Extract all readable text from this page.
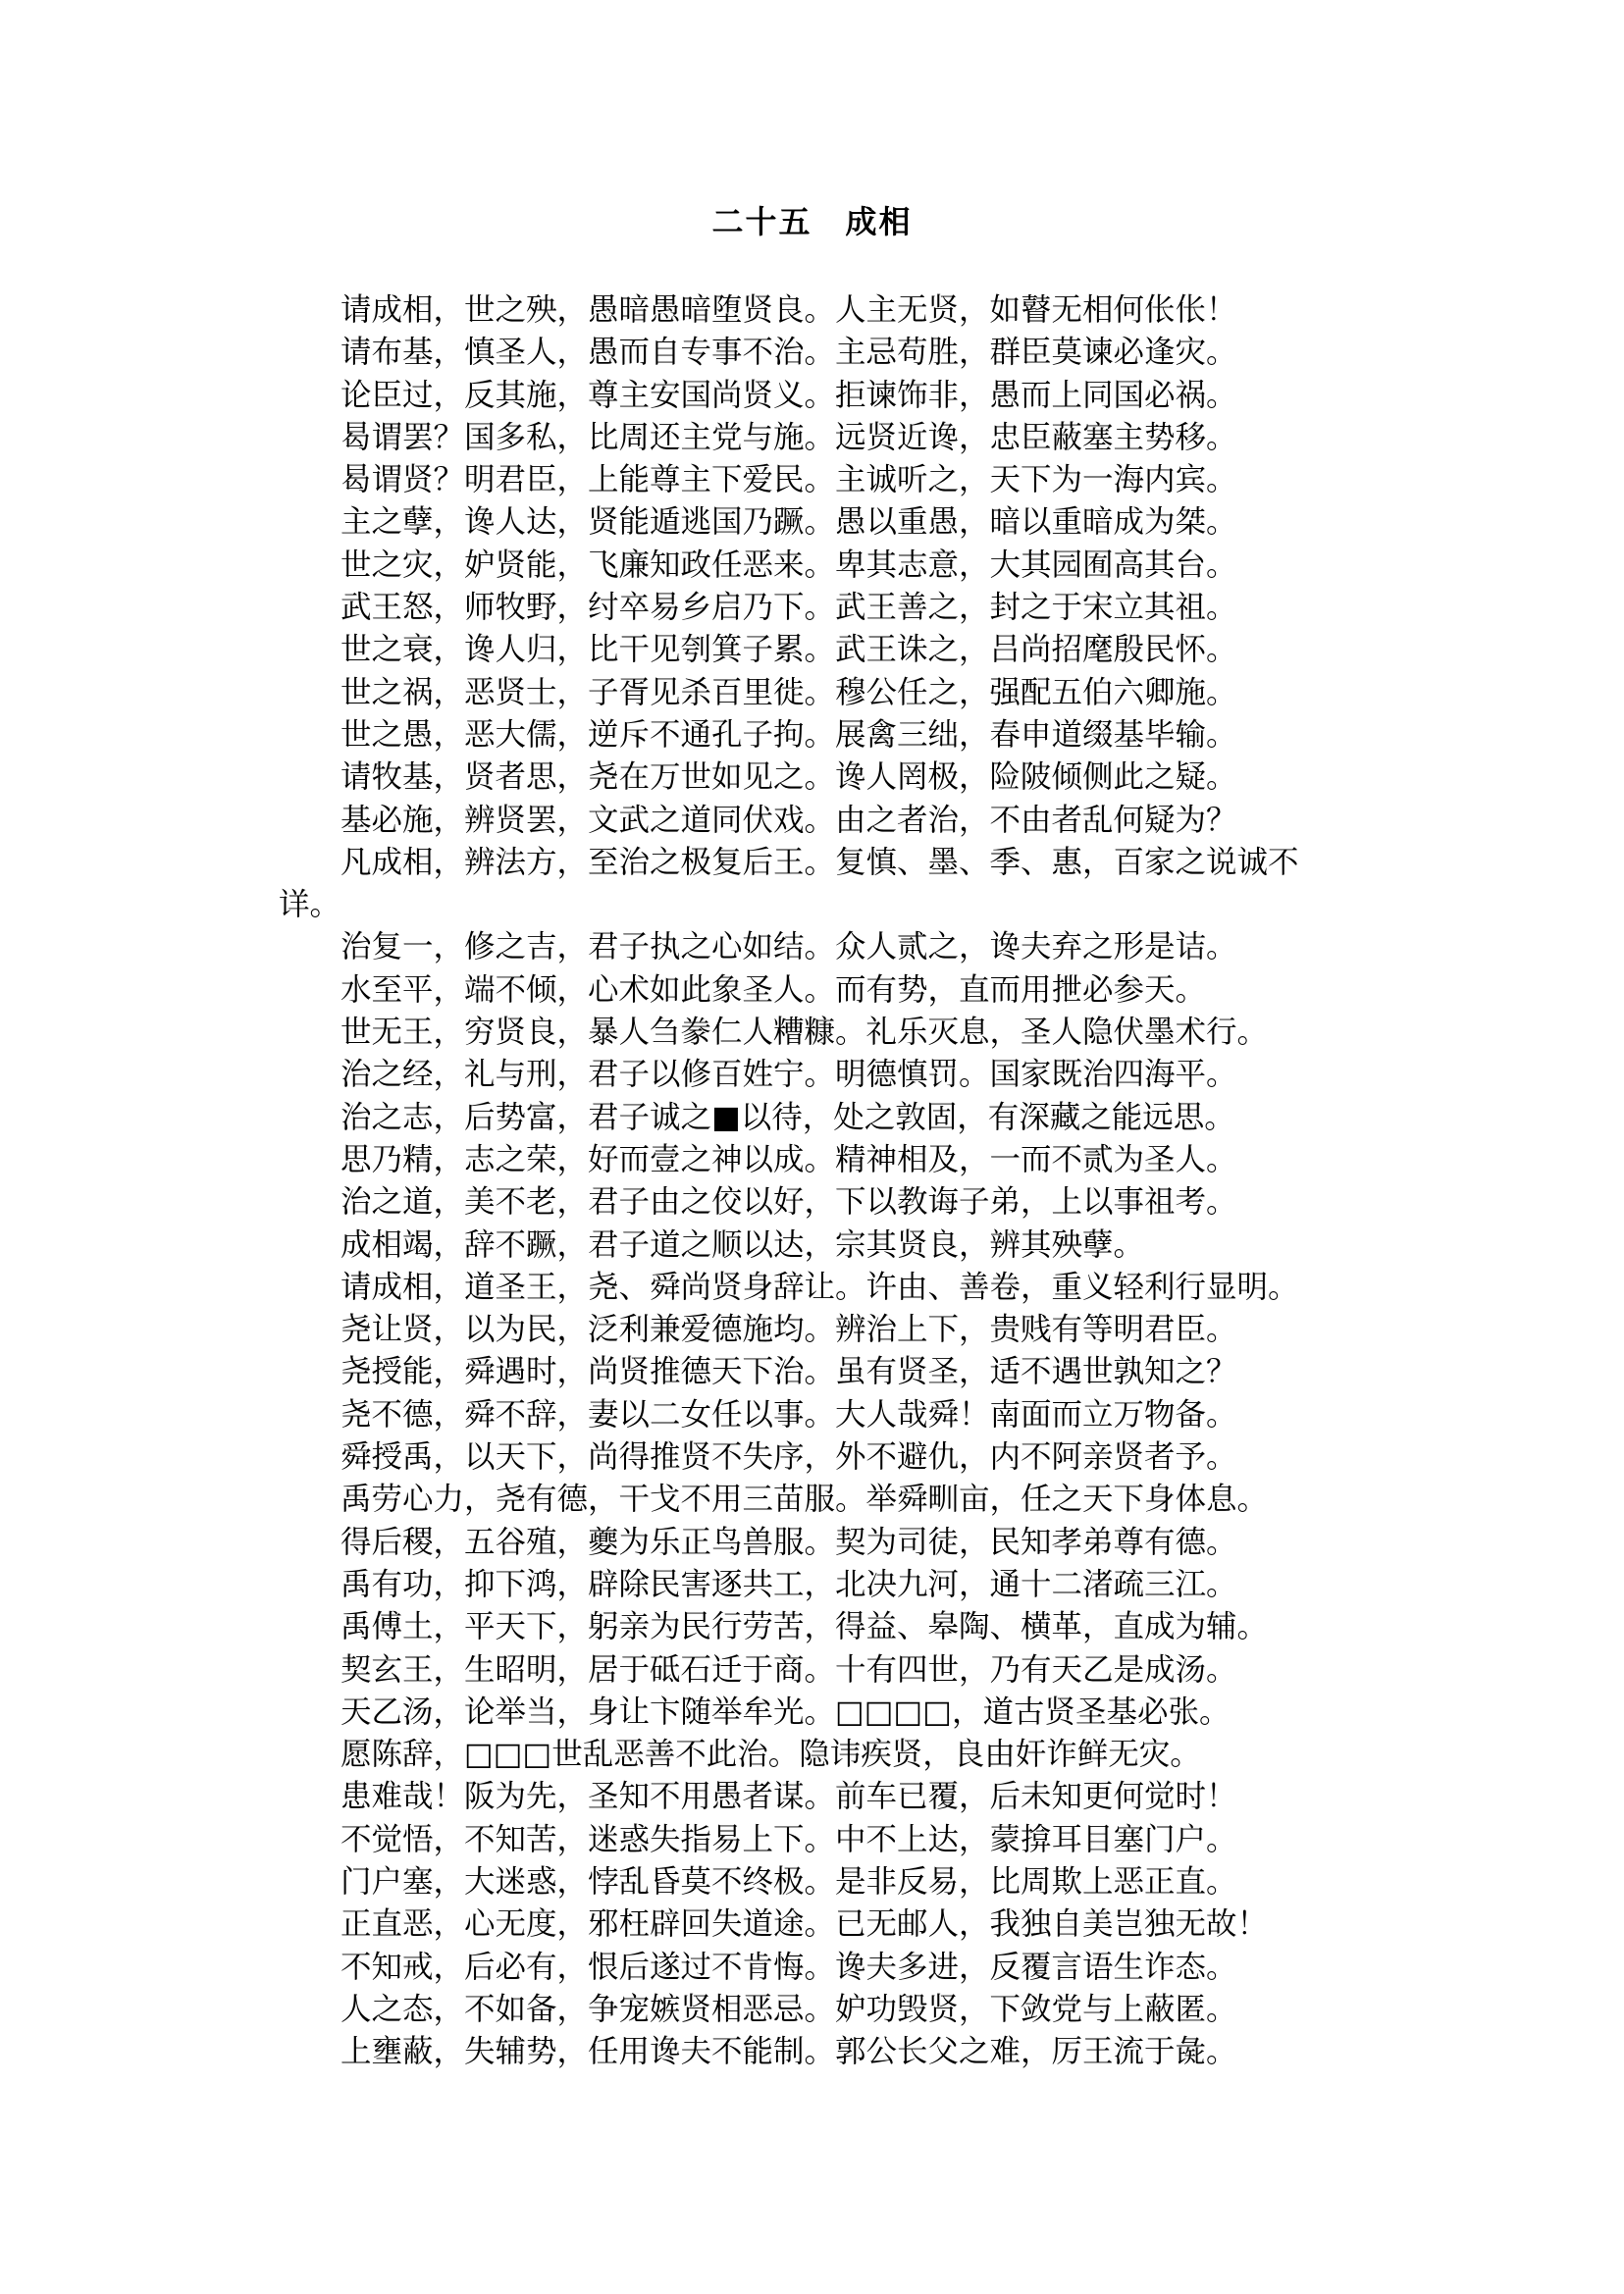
二十五　成相
请成相，世之殃，愚暗愚暗堕贤良。人主无贤，如瞽无相何伥伥！
请布基，慎圣人，愚而自专事不治。主忌苟胜，群臣莫谏必逢灾。
论臣过，反其施，尊主安国尚贤义。拒谏饰非，愚而上同国必祸。
曷谓罢？国多私，比周还主党与施。远贤近谗，忠臣蔽塞主势移。
曷谓贤？明君臣，上能尊主下爱民。主诚听之，天下为一海内宾。
主之孽，谗人达，贤能遁逃国乃蹶。愚以重愚，暗以重暗成为桀。
世之灾，妒贤能，飞廉知政任恶来。卑其志意，大其园囿高其台。
武王怒，师牧野，纣卒易乡启乃下。武王善之，封之于宋立其祖。
世之衰，谗人归，比干见刳箕子累。武王诛之，吕尚招麾殷民怀。
世之祸，恶贤士，子胥见杀百里徙。穆公任之，强配五伯六卿施。
世之愚，恶大儒，逆斥不通孔子拘。展禽三绌，春申道缀基毕输。
请牧基，贤者思，尧在万世如见之。谗人罔极，险陂倾侧此之疑。
基必施，辨贤罢，文武之道同伏戏。由之者治，不由者乱何疑为？
凡成相，辨法方，至治之极复后王。复慎、墨、季、惠，百家之说诚不详。
治复一，修之吉，君子执之心如结。众人贰之，谗夫弃之形是诘。
水至平，端不倾，心术如此象圣人。而有势，直而用抴必参天。
世无王，穷贤良，暴人刍豢仁人糟糠。礼乐灭息，圣人隐伏墨术行。
治之经，礼与刑，君子以修百姓宁。明德慎罚。国家既治四海平。
治之志，后势富，君子诚之■以待，处之敦固，有深藏之能远思。
思乃精，志之荣，好而壹之神以成。精神相及，一而不贰为圣人。
治之道，美不老，君子由之佼以好，下以教诲子弟，上以事祖考。
成相竭，辞不蹶，君子道之顺以达，宗其贤良，辨其殃孽。
请成相，道圣王，尧、舜尚贤身辞让。许由、善卷，重义轻利行显明。
尧让贤，以为民，泛利兼爱德施均。辨治上下，贵贱有等明君臣。
尧授能，舜遇时，尚贤推德天下治。虽有贤圣，适不遇世孰知之？
尧不德，舜不辞，妻以二女任以事。大人哉舜！南面而立万物备。
舜授禹，以天下，尚得推贤不失序，外不避仇，内不阿亲贤者予。
禹劳心力，尧有德，干戈不用三苗服。举舜甽亩，任之天下身体息。
得后稷，五谷殖，夔为乐正鸟兽服。契为司徒，民知孝弟尊有德。
禹有功，抑下鸿，辟除民害逐共工，北决九河，通十二渚疏三江。
禹傅土，平天下，躬亲为民行劳苦，得益、皋陶、横革，直成为辅。
契玄王，生昭明，居于砥石迁于商。十有四世，乃有天乙是成汤。
天乙汤，论举当，身让卞随举牟光。□□□□，道古贤圣基必张。
愿陈辞，□□□世乱恶善不此治。隐讳疾贤，良由奸诈鲜无灾。
患难哉！阪为先，圣知不用愚者谋。前车已覆，后未知更何觉时！
不觉悟，不知苦，迷惑失指易上下。中不上达，蒙揜耳目塞门户。
门户塞，大迷惑，悖乱昏莫不终极。是非反易，比周欺上恶正直。
正直恶，心无度，邪枉辟回失道途。已无邮人，我独自美岂独无故！
不知戒，后必有，恨后遂过不肯悔。谗夫多进，反覆言语生诈态。
人之态，不如备，争宠嫉贤相恶忌。妒功毁贤，下敛党与上蔽匿。
上壅蔽，失辅势，任用谗夫不能制。郭公长父之难，厉王流于彘。
